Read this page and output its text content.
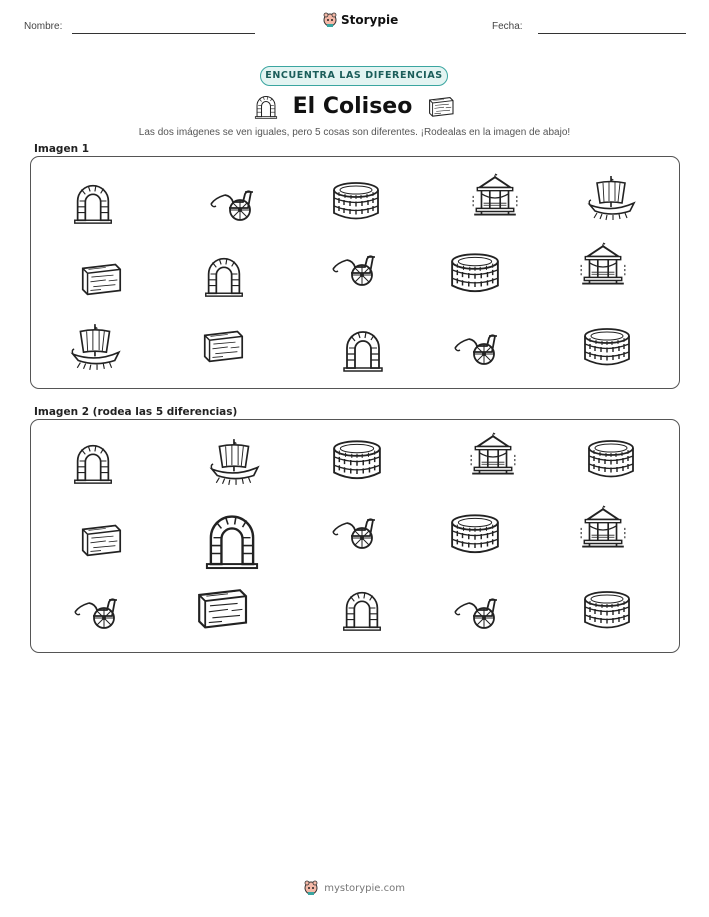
Nombre:	Storypie	Fecha:
ENCUENTRA LAS DIFERENCIAS
El Coliseo
Las dos imágenes se ven iguales, pero 5 cosas son diferentes. ¡Rodealas en la imagen de abajo!
Imagen 1
Imagen 2 (rodea las 5 diferencias)
mystorypie.com
